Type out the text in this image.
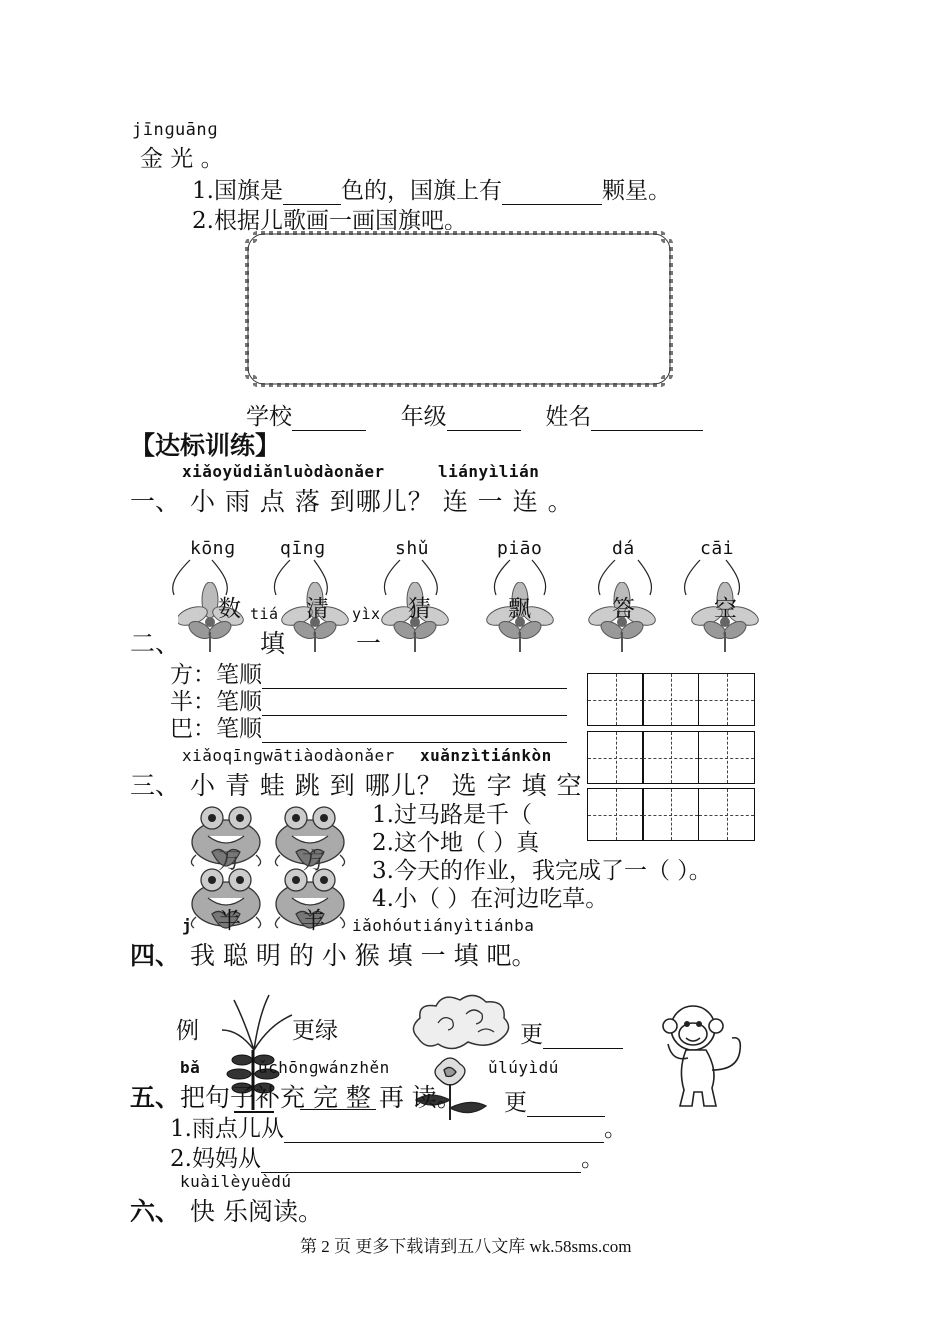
jīnɡuānɡ
金 光 。
1.国旗是	色的，国旗上有	颗星。
2.根据儿歌画一画国旗吧。
学校	年级	姓名
【达标训练】
xiǎoyǔdiǎnluòdàonǎer	liányìlián
一、 小 雨 点 落 到哪儿？ 连 一 连 。
kōnɡ qīnɡ	shǔ	piāo	dá	cāi
数	清	猜	飘	答	空
tiá	yìx
二、	填	一
方：笔顺
半：笔顺
巴：笔顺
xiǎoqīnɡwātiàodàonǎer xuǎnzìtiánkòn
三、 小 青 蛙 跳 到 哪儿？ 选 字 填 空
1.过马路是千（
2.这个地（ ）真
3.今天的作业，我完成了一（ ）。
4.小（ ）在河边吃草。
万	方
半	羊
j	iǎohóutiányìtiánba
四、 我 聪 明 的 小 猴 填 一 填 吧。
例	更绿	更
bǎ	ǔchōnɡwánzhěn	ǔlúyìdú
五、 把句子补充 完 整 再 读。 更
1.雨点儿从	。
2.妈妈从	。
kuàilèyuèdú
六、 快 乐阅读。
第 2 页 更多下载请到五八文库 wk.58sms.com
